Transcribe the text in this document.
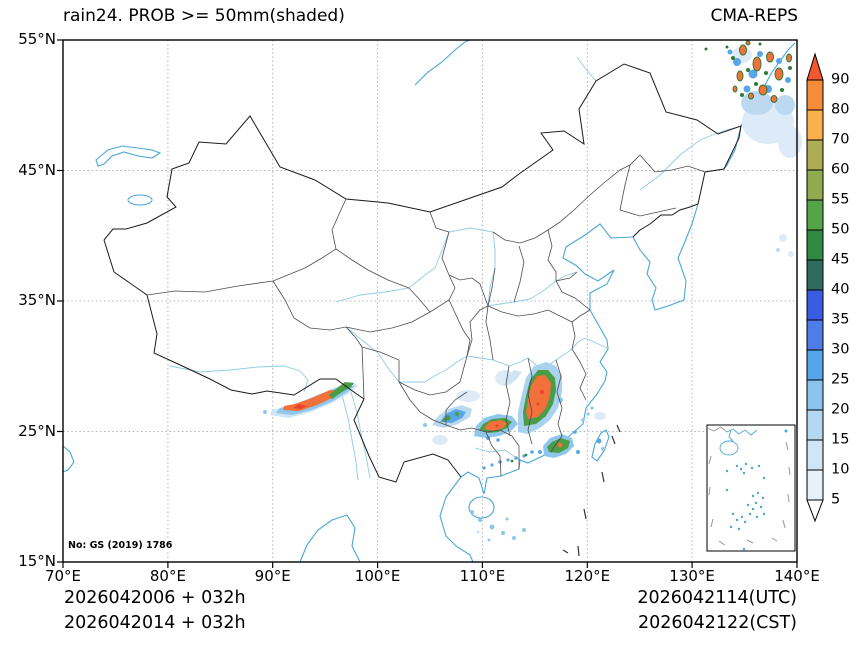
rain24. PROB >= 50mm(shaded)	CMA-REPS
No: GS (2019) 1786
2026042006 + 032h
2026042014 + 032h
2026042114(UTC)
2026042122(CST)
70°E	80°E	90°E	100°E	110°E	120°E	130°E	140°E
55°N
45°N
35°N
25°N
15°N
90
80
70
60
55
50
45
40
35
30
25
20
15
10
5
